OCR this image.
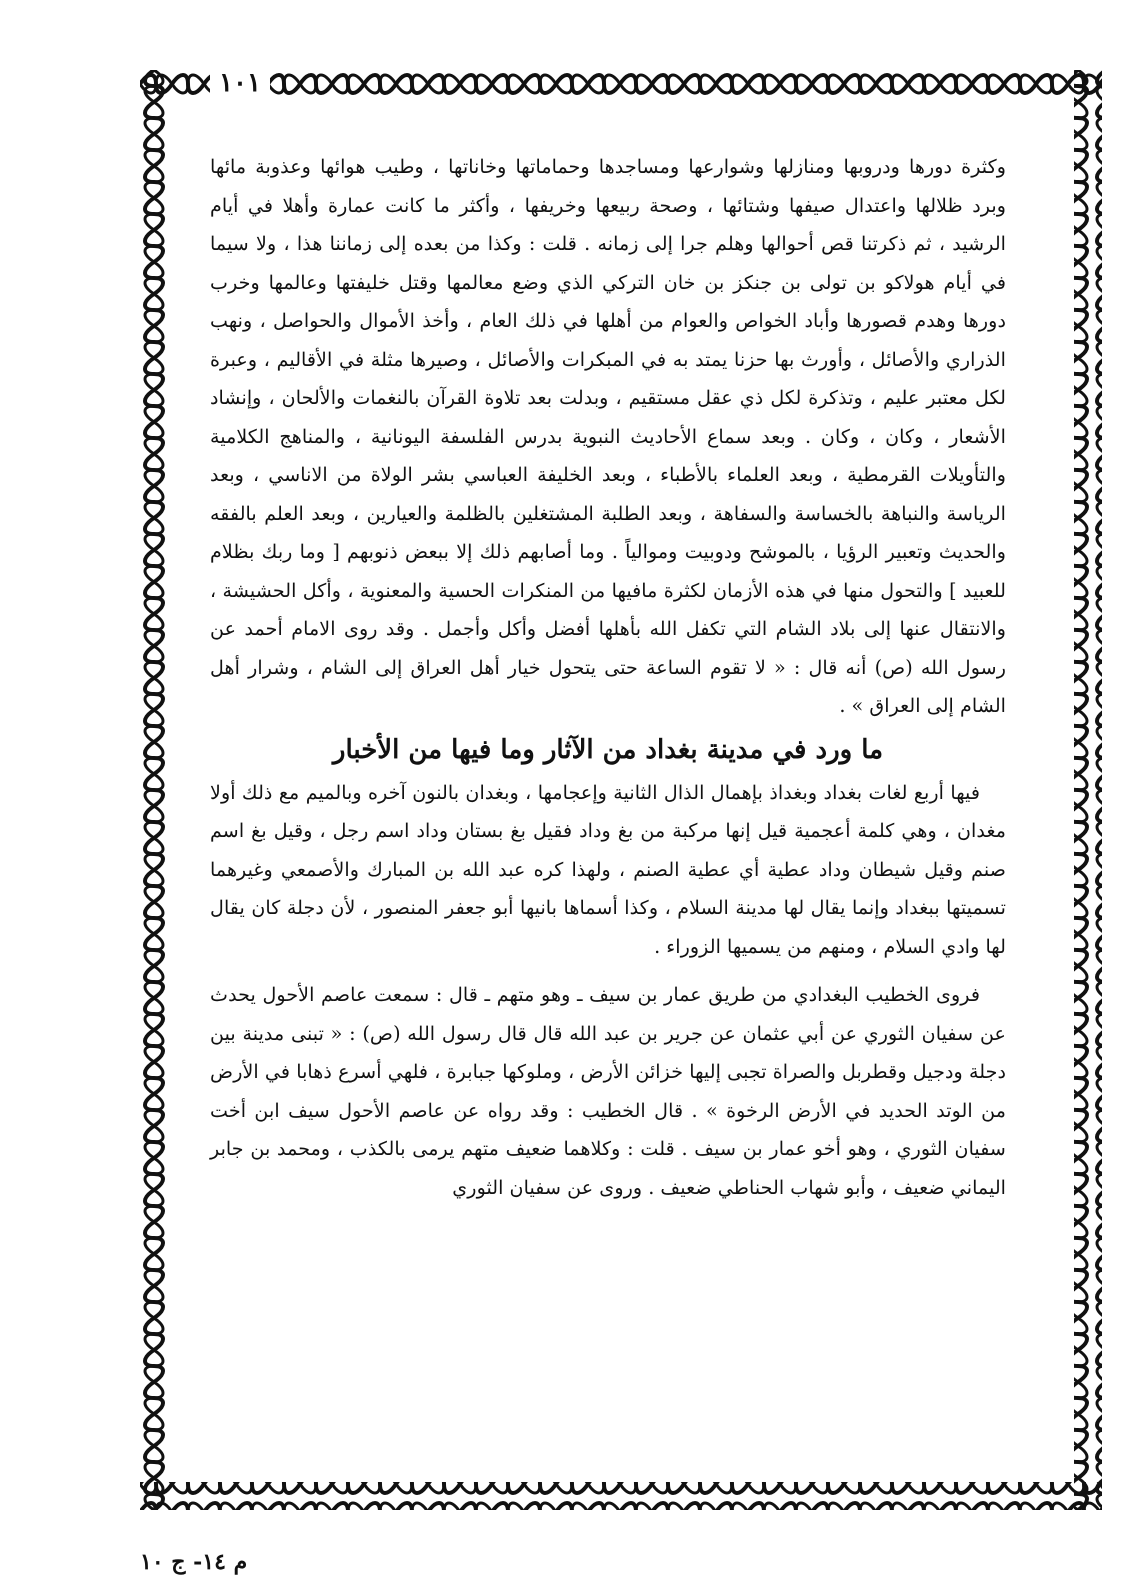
١٠١

وكثرة دورها ودروبها ومنازلها وشوارعها ومساجدها وحماماتها وخاناتها ، وطيب هوائها وعذوبة مائها وبرد ظلالها واعتدال صيفها وشتائها ، وصحة ربيعها وخريفها ، وأكثر ما كانت عمارة وأهلا في أيام الرشيد ، ثم ذكرتنا قص أحوالها وهلم جرا إلى زمانه . قلت : وكذا من بعده إلى زماننا هذا ، ولا سيما في أيام هولاكو بن تولى بن جنكز بن خان التركي الذي وضع معالمها وقتل خليفتها وعالمها وخرب دورها وهدم قصورها وأباد الخواص والعوام من أهلها في ذلك العام ، وأخذ الأموال والحواصل ، ونهب الذراري والأصائل ، وأورث بها حزنا يمتد به في المبكرات والأصائل ، وصيرها مثلة في الأقاليم ، وعبرة لكل معتبر عليم ، وتذكرة لكل ذي عقل مستقيم ، وبدلت بعد تلاوة القرآن بالنغمات والألحان ، وإنشاد الأشعار ، وكان ، وكان . وبعد سماع الأحاديث النبوية بدرس الفلسفة اليونانية ، والمناهج الكلامية والتأويلات القرمطية ، وبعد العلماء بالأطباء ، وبعد الخليفة العباسي بشر الولاة من الاناسي ، وبعد الرياسة والنباهة بالخساسة والسفاهة ، وبعد الطلبة المشتغلين بالظلمة والعيارين ، وبعد العلم بالفقه والحديث وتعبير الرؤيا ، بالموشح ودوبيت وموالياً . وما أصابهم ذلك إلا ببعض ذنوبهم [ وما ربك بظلام للعبيد ] والتحول منها في هذه الأزمان لكثرة مافيها من المنكرات الحسية والمعنوية ، وأكل الحشيشة ، والانتقال عنها إلى بلاد الشام التي تكفل الله بأهلها أفضل وأكل وأجمل . وقد روى الامام أحمد عن رسول الله (ص) أنه قال : « لا تقوم الساعة حتى يتحول خيار أهل العراق إلى الشام ، وشرار أهل الشام إلى العراق » .

ما ورد في مدينة بغداد من الآثار وما فيها من الأخبار

فيها أربع لغات بغداد وبغداذ بإهمال الذال الثانية وإعجامها ، وبغدان بالنون آخره وبالميم مع ذلك أولا مغدان ، وهي كلمة أعجمية قيل إنها مركبة من بغ وداد فقيل بغ بستان وداد اسم رجل ، وقيل بغ اسم صنم وقيل شيطان وداد عطية أي عطية الصنم ، ولهذا كره عبد الله بن المبارك والأصمعي وغيرهما تسميتها ببغداد وإنما يقال لها مدينة السلام ، وكذا أسماها بانيها أبو جعفر المنصور ، لأن دجلة كان يقال لها وادي السلام ، ومنهم من يسميها الزوراء .

فروى الخطيب البغدادي من طريق عمار بن سيف ـ وهو متهم ـ قال : سمعت عاصم الأحول يحدث عن سفيان الثوري عن أبي عثمان عن جرير بن عبد الله قال قال رسول الله (ص) : « تبنى مدينة بين دجلة ودجيل وقطربل والصراة تجبى إليها خزائن الأرض ، وملوكها جبابرة ، فلهي أسرع ذهابا في الأرض من الوتد الحديد في الأرض الرخوة » . قال الخطيب : وقد رواه عن عاصم الأحول سيف ابن أخت سفيان الثوري ، وهو أخو عمار بن سيف . قلت : وكلاهما ضعيف متهم يرمى بالكذب ، ومحمد بن جابر اليماني ضعيف ، وأبو شهاب الحناطي ضعيف . وروى عن سفيان الثوري

م ١٤- ج ١٠
